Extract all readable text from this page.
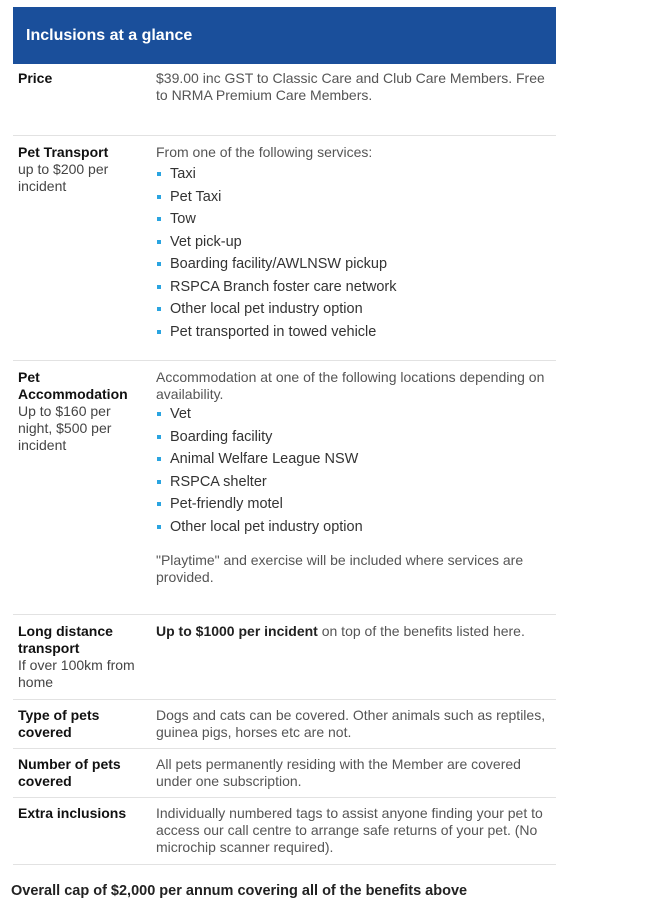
Inclusions at a glance
Price	$39.00 inc GST to Classic Care and Club Care Members. Free to NRMA Premium Care Members.
Pet Transport
up to $200 per incident
From one of the following services:
Taxi
Pet Taxi
Tow
Vet pick-up
Boarding facility/AWLNSW pickup
RSPCA Branch foster care network
Other local pet industry option
Pet transported in towed vehicle
Pet Accommodation
Up to $160 per night, $500 per incident
Accommodation at one of the following locations depending on availability.
Vet
Boarding facility
Animal Welfare League NSW
RSPCA shelter
Pet-friendly motel
Other local pet industry option
"Playtime" and exercise will be included where services are provided.
Long distance transport
If over 100km from home
Up to $1000 per incident on top of the benefits listed here.
Type of pets covered
Dogs and cats can be covered. Other animals such as reptiles, guinea pigs, horses etc are not.
Number of pets covered
All pets permanently residing with the Member are covered under one subscription.
Extra inclusions	Individually numbered tags to assist anyone finding your pet to access our call centre to arrange safe returns of your pet. (No microchip scanner required).
Overall cap of $2,000 per annum covering all of the benefits above
